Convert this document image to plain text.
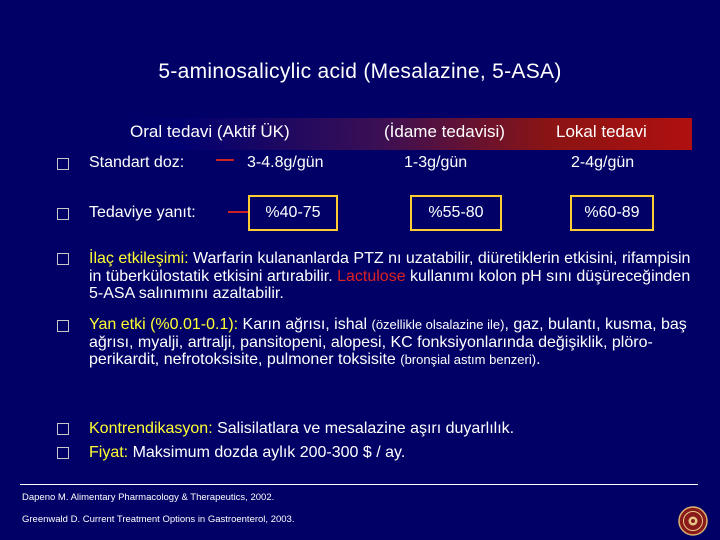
5-aminosalicylic acid (Mesalazine, 5-ASA)
Oral tedavi (Aktif ÜK)	(İdame tedavisi)	Lokal tedavi
Standart doz:	3-4.8g/gün	1-3g/gün	2-4g/gün
Tedaviye yanıt:	%40-75	%55-80	%60-89
İlaç etkileşimi: Warfarin kulananlarda PTZ nı uzatabilir, diüretiklerin etkisini, rifampisin in tüberkülostatik etkisini artırabilir. Lactulose kullanımı kolon pH sını düşüreceğinden 5-ASA salınımını azaltabilir.
Yan etki (%0.01-0.1): Karın ağrısı, ishal (özellikle olsalazine ile), gaz, bulantı, kusma, baş ağrısı, myalji, artralji, pansitopeni, alopesi, KC fonksiyonlarında değişiklik, plöro-perikardit, nefrotoksisite, pulmoner toksisite (bronşial astım benzeri).
Kontrendikasyon: Salisilatlara ve mesalazine aşırı duyarlılık.
Fiyat: Maksimum dozda aylık 200-300 $ / ay.
Dapeno M. Alimentary Pharmacology & Therapeutics, 2002.
Greenwald D. Current Treatment Options in Gastroenterol, 2003.
